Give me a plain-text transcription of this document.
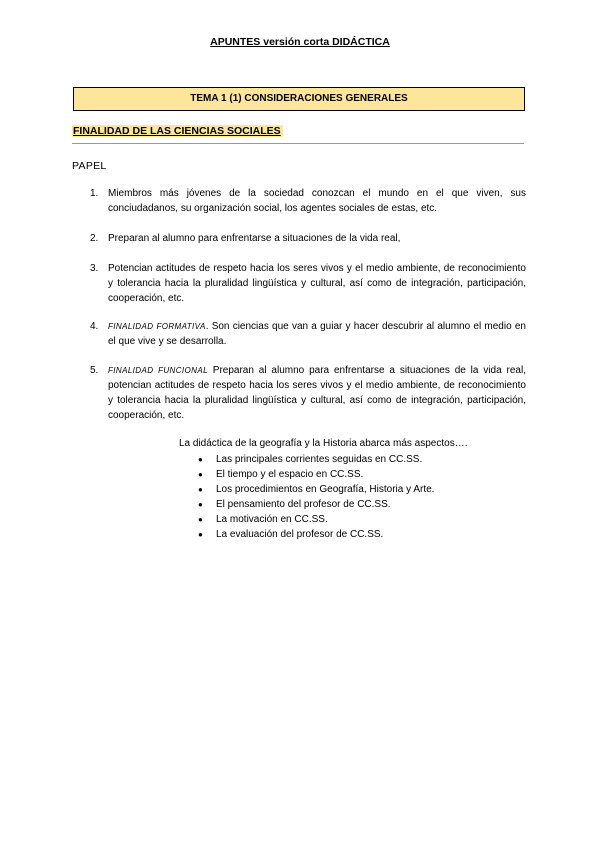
APUNTES versión corta DIDÁCTICA
TEMA 1 (1) CONSIDERACIONES GENERALES
FINALIDAD DE LAS CIENCIAS SOCIALES
PAPEL
1. Miembros más jóvenes de la sociedad conozcan el mundo en el que viven, sus conciudadanos, su organización social, los agentes sociales de estas, etc.
2. Preparan al alumno para enfrentarse a situaciones de la vida real,
3. Potencian actitudes de respeto hacia los seres vivos y el medio ambiente, de reconocimiento y tolerancia hacia la pluralidad lingüística y cultural, así como de integración, participación, cooperación, etc.
4.	FINALIDAD FORMATIVA. Son ciencias que van a guiar y hacer descubrir al alumno el medio en el que vive y se desarrolla.
5.	FINALIDAD FUNCIONAL Preparan al alumno para enfrentarse a situaciones de la vida real, potencian actitudes de respeto hacia los seres vivos y el medio ambiente, de reconocimiento y tolerancia hacia la pluralidad lingüística y cultural, así como de integración, participación, cooperación, etc.
La didáctica de la geografía y la Historia abarca más aspectos….
● Las principales corrientes seguidas en CC.SS.
● El tiempo y el espacio en CC.SS.
● Los procedimientos en Geografía, Historia y Arte.
● El pensamiento del profesor de CC.SS.
● La motivación en CC.SS.
● La evaluación del profesor de CC.SS.
